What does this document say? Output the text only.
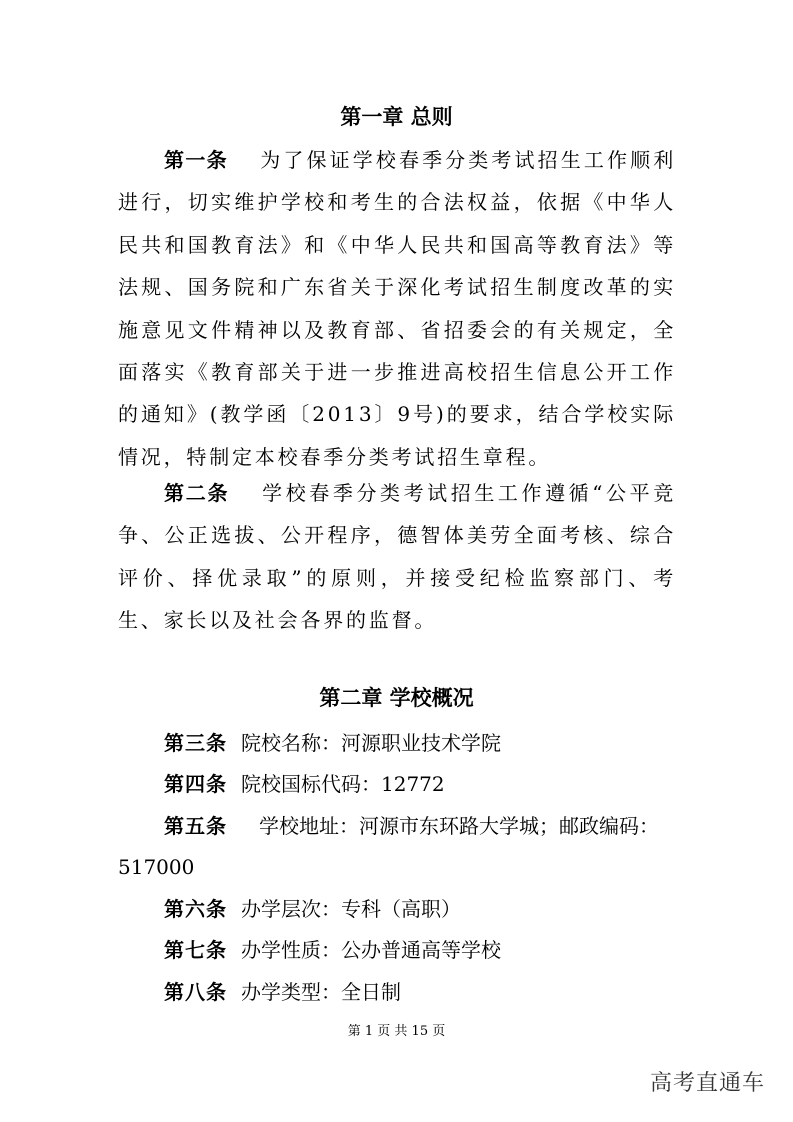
第一章 总则

第一条 为了保证学校春季分类考试招生工作顺利进行，切实维护学校和考生的合法权益，依据《中华人民共和国教育法》和《中华人民共和国高等教育法》等法规、国务院和广东省关于深化考试招生制度改革的实施意见文件精神以及教育部、省招委会的有关规定，全面落实《教育部关于进一步推进高校招生信息公开工作的通知》(教学函〔2013〕9号)的要求，结合学校实际情况，特制定本校春季分类考试招生章程。

第二条 学校春季分类考试招生工作遵循“公平竞争、公正选拔、公开程序，德智体美劳全面考核、综合评价、择优录取”的原则，并接受纪检监察部门、考生、家长以及社会各界的监督。

第二章 学校概况
第三条 院校名称：河源职业技术学院
第四条 院校国标代码：12772
第五条 学校地址：河源市东环路大学城；邮政编码：
517000
第六条 办学层次：专科（高职）
第七条 办学性质：公办普通高等学校
第八条 办学类型：全日制
第 1 页 共 15 页
高考直通车
